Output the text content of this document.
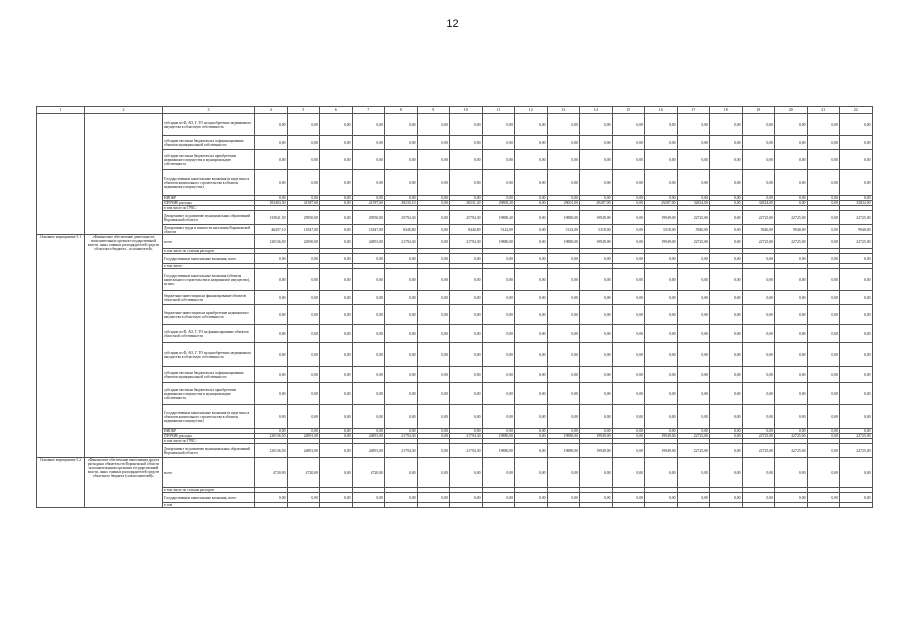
12
1	2	3	4	5	6	7	8	9	10	11	12	13	14	15	16	17	18	19	20	21	22
		субсидии из Ф, АО, Г, ТО на приобретение недвижимого имущества в областную собственность	0,00	0,00	0,00	0,00	0,00	0,00	0,00	0,00	0,00	0,00	0,00	0,00	0,00	0,00	0,00	0,00	0,00	0,00	0,00
		субсидии местным бюджетам на софинансирование объектов муниципальной собственности	0,00	0,00	0,00	0,00	0,00	0,00	0,00	0,00	0,00	0,00	0,00	0,00	0,00	0,00	0,00	0,00	0,00	0,00	0,00
		субсидии местным бюджетам на приобретение недвижимого имущества в муниципальную собственность	0,00	0,00	0,00	0,00	0,00	0,00	0,00	0,00	0,00	0,00	0,00	0,00	0,00	0,00	0,00	0,00	0,00	0,00	0,00
		Государственные капитальные вложения (в виде взноса объектов капитального строительства в объекты недвижимого имущества)	0,00	0,00	0,00	0,00	0,00	0,00	0,00	0,00	0,00	0,00	0,00	0,00	0,00	0,00	0,00	0,00	0,00	0,00	0,00
		НИОКР	0,00	0,00	0,00	0,00	0,00	0,00	0,00	0,00	0,00	0,00	0,00	0,00	0,00	0,00	0,00	0,00	0,00	0,00	0,00
		ПРОЧИЕ расходы	183403,50	41587,60	0,00	41587,60	38235,10	0,00	38231,20	29800,20	0,00	29001,00	29287,00	0,00	29287,00	32824,00	0,00	32824,00	0,00	0,00	32824,00
		в том числе по ГРБС:																			
		Департамент по развитию муниципальных образований Воронежской области	135841,50	29950,00	0,00	29950,00	25794,30	0,00	25794,30	19880,20	0,00	19880,00	19949,00	0,00	19949,00	22725,00	0,00	22725,00	22725,00	0,00	22725,00
		Департамент труда и занятости населения Воронежской области	46457,10	11847,00	0,00	11847,00	8440,80	0,00	8440,80	5122,00	0,00	5122,00	5318,00	0,00	5318,00	5940,00	0,00	5940,00	9940,00	0,00	9940,00
Основное мероприятие 5.1	«Финансовое обеспечение деятельности исполнительных органов государственной власти, иных главных распорядителей средств областного бюджета – исполнителей»	всего	120136,50	24950,00	0,00	24891,00	21794,30	0,00	21794,30	19880,00	0,00	19880,00	19949,00	0,00	19949,00	22725,00	0,00	22725,00	22725,00	0,00	22725,00
		в том числе по статьям расходов:																			
		Государственные капитальные вложения, всего	0,00	0,00	0,00	0,00	0,00	0,00	0,00	0,00	0,00	0,00	0,00	0,00	0,00	0,00	0,00	0,00	0,00	0,00	0,00
		в том числе:																			
		Государственные капитальные вложения (объекты капитального строительства и недвижимое имущество), из них:	0,00	0,00	0,00	0,00	0,00	0,00	0,00	0,00	0,00	0,00	0,00	0,00	0,00	0,00	0,00	0,00	0,00	0,00	0,00
		бюджетные инвестиции на финансирование объектов областной собственности	0,00	0,00	0,00	0,00	0,00	0,00	0,00	0,00	0,00	0,00	0,00	0,00	0,00	0,00	0,00	0,00	0,00	0,00	0,00
		бюджетные инвестиции на приобретение недвижимого имущества в областную собственность	0,00	0,00	0,00	0,00	0,00	0,00	0,00	0,00	0,00	0,00	0,00	0,00	0,00	0,00	0,00	0,00	0,00	0,00	0,00
		субсидии из Ф, АО, Г, ТО на финансирование объектов областной собственности	0,00	0,00	0,00	0,00	0,00	0,00	0,00	0,00	0,00	0,00	0,00	0,00	0,00	0,00	0,00	0,00	0,00	0,00	0,00
		субсидии из Ф, АО, Г, ТО на приобретение недвижимого имущества в областную собственность	0,00	0,00	0,00	0,00	0,00	0,00	0,00	0,00	0,00	0,00	0,00	0,00	0,00	0,00	0,00	0,00	0,00	0,00	0,00
		субсидии местным бюджетам на софинансирование объектов муниципальной собственности	0,00	0,00	0,00	0,00	0,00	0,00	0,00	0,00	0,00	0,00	0,00	0,00	0,00	0,00	0,00	0,00	0,00	0,00	0,00
		субсидии местным бюджетам на приобретение недвижимого имущества в муниципальную собственность	0,00	0,00	0,00	0,00	0,00	0,00	0,00	0,00	0,00	0,00	0,00	0,00	0,00	0,00	0,00	0,00	0,00	0,00	0,00
		Государственные капитальные вложения (в виде взноса объектов капитального строительства в объекты недвижимого имущества)	0,00	0,00	0,00	0,00	0,00	0,00	0,00	0,00	0,00	0,00	0,00	0,00	0,00	0,00	0,00	0,00	0,00	0,00	0,00
		НИОКР	0,00	0,00	0,00	0,00	0,00	0,00	0,00	0,00	0,00	0,00	0,00	0,00	0,00	0,00	0,00	0,00	0,00	0,00	0,00
		ПРОЧИЕ расходы	120136,50	24891,00	0,00	24891,00	21794,30	0,00	21794,30	19880,00	0,00	19880,00	19949,00	0,00	19949,00	22725,00	0,00	22725,00	22725,00	0,00	22725,00
		в том числе по ГРБС:																			
		Департамент по развитию муниципальных образований Воронежской области	120136,50	24891,00	0,00	24891,00	21794,30	0,00	21794,30	19880,00	0,00	19880,00	19949,00	0,00	19949,00	22725,00	0,00	22725,00	22725,00	0,00	22725,00
Основное мероприятие 5.2	«Финансовое обеспечение выполнения других расходных обязательств Воронежской области исполнительными органами государственной власти, иных главных распорядителей средств областного бюджета (соисполнителей)»	всего	4720,00	4720,00	0,00	4720,00	0,00	0,00	0,00	0,00	0,00	0,00	0,00	0,00	0,00	0,00	0,00	0,00	0,00	0,00	0,00
		в том числе по статьям расходов:																			
		Государственные капитальные вложения, всего	0,00	0,00	0,00	0,00	0,00	0,00	0,00	0,00	0,00	0,00	0,00	0,00	0,00	0,00	0,00	0,00	0,00	0,00	0,00
		в том																			
